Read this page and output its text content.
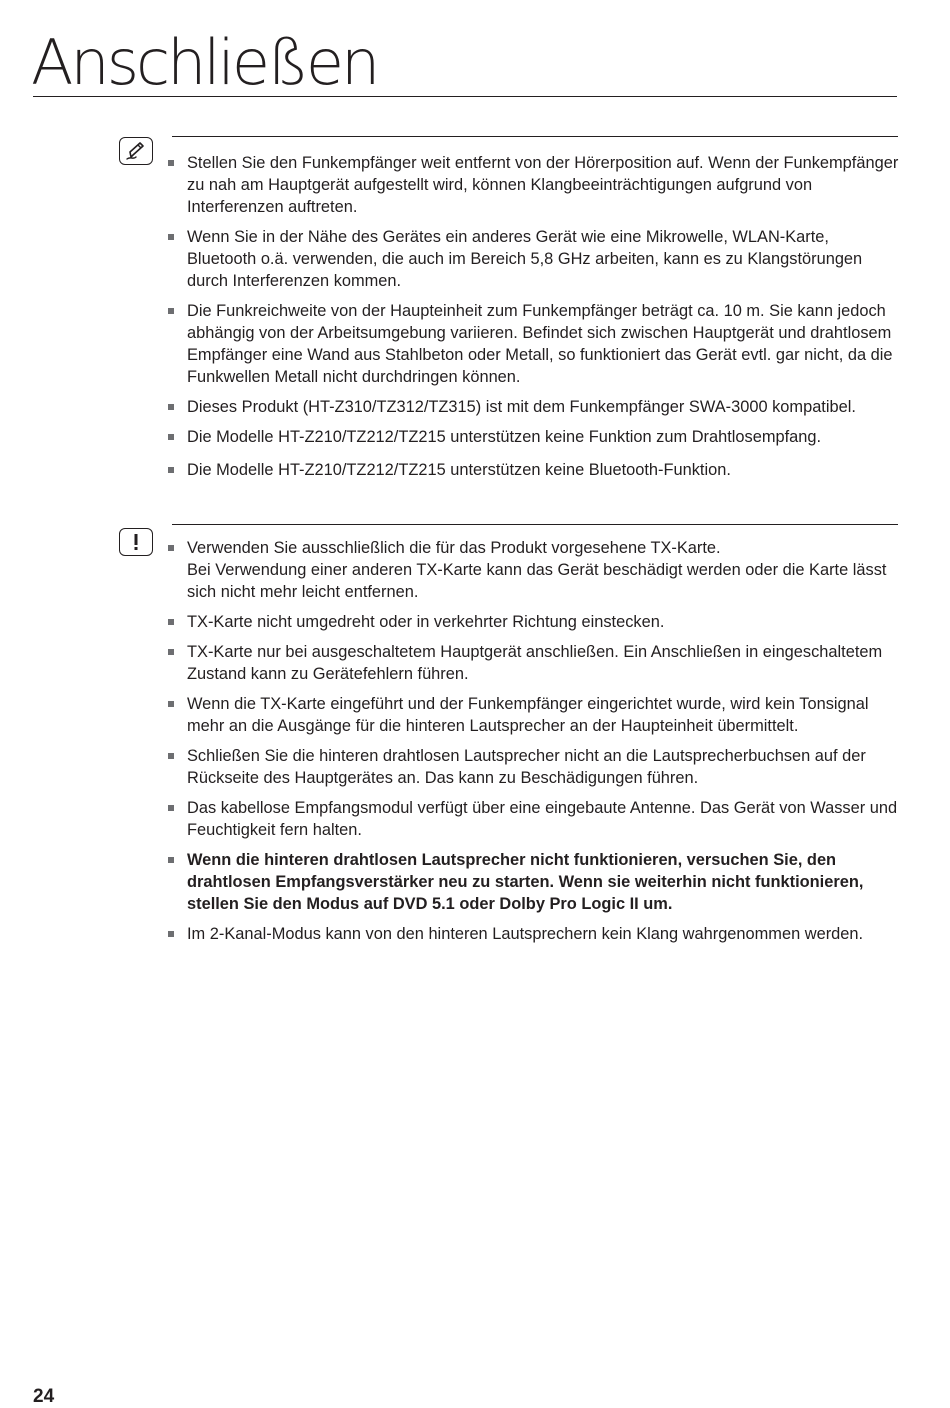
Anschließen
Stellen Sie den Funkempfänger weit entfernt von der Hörerposition auf. Wenn der Funkempfänger zu nah am Hauptgerät aufgestellt wird, können Klangbeeinträchtigungen aufgrund von Interferenzen auftreten.
Wenn Sie in der Nähe des Gerätes ein anderes Gerät wie eine Mikrowelle, WLAN-Karte, Bluetooth o.ä. verwenden, die auch im Bereich 5,8 GHz arbeiten, kann es zu Klangstörungen durch Interferenzen kommen.
Die Funkreichweite von der Haupteinheit zum Funkempfänger beträgt ca. 10 m. Sie kann jedoch abhängig von der Arbeitsumgebung variieren. Befindet sich zwischen Hauptgerät und drahtlosem Empfänger eine Wand aus Stahlbeton oder Metall, so funktioniert das Gerät evtl. gar nicht, da die Funkwellen Metall nicht durchdringen können.
Dieses Produkt (HT-Z310/TZ312/TZ315) ist mit dem Funkempfänger SWA-3000 kompatibel.
Die Modelle HT-Z210/TZ212/TZ215 unterstützen keine Funktion zum Drahtlosempfang.
Die Modelle HT-Z210/TZ212/TZ215 unterstützen keine Bluetooth-Funktion.
Verwenden Sie ausschließlich die für das Produkt vorgesehene TX-Karte.
Bei Verwendung einer anderen TX-Karte kann das Gerät beschädigt werden oder die Karte lässt sich nicht mehr leicht entfernen.
TX-Karte nicht umgedreht oder in verkehrter Richtung einstecken.
TX-Karte nur bei ausgeschaltetem Hauptgerät anschließen. Ein Anschließen in eingeschaltetem Zustand kann zu Gerätefehlern führen.
Wenn die TX-Karte eingeführt und der Funkempfänger eingerichtet wurde, wird kein Tonsignal mehr an die Ausgänge für die hinteren Lautsprecher an der Haupteinheit übermittelt.
Schließen Sie die hinteren drahtlosen Lautsprecher nicht an die Lautsprecherbuchsen auf der Rückseite des Hauptgerätes an. Das kann zu Beschädigungen führen.
Das kabellose Empfangsmodul verfügt über eine eingebaute Antenne. Das Gerät von Wasser und Feuchtigkeit fern halten.
Wenn die hinteren drahtlosen Lautsprecher nicht funktionieren, versuchen Sie, den drahtlosen Empfangsverstärker neu zu starten. Wenn sie weiterhin nicht funktionieren, stellen Sie den Modus auf DVD 5.1 oder Dolby Pro Logic II um.
Im 2-Kanal-Modus kann von den hinteren Lautsprechern kein Klang wahrgenommen werden.
24
